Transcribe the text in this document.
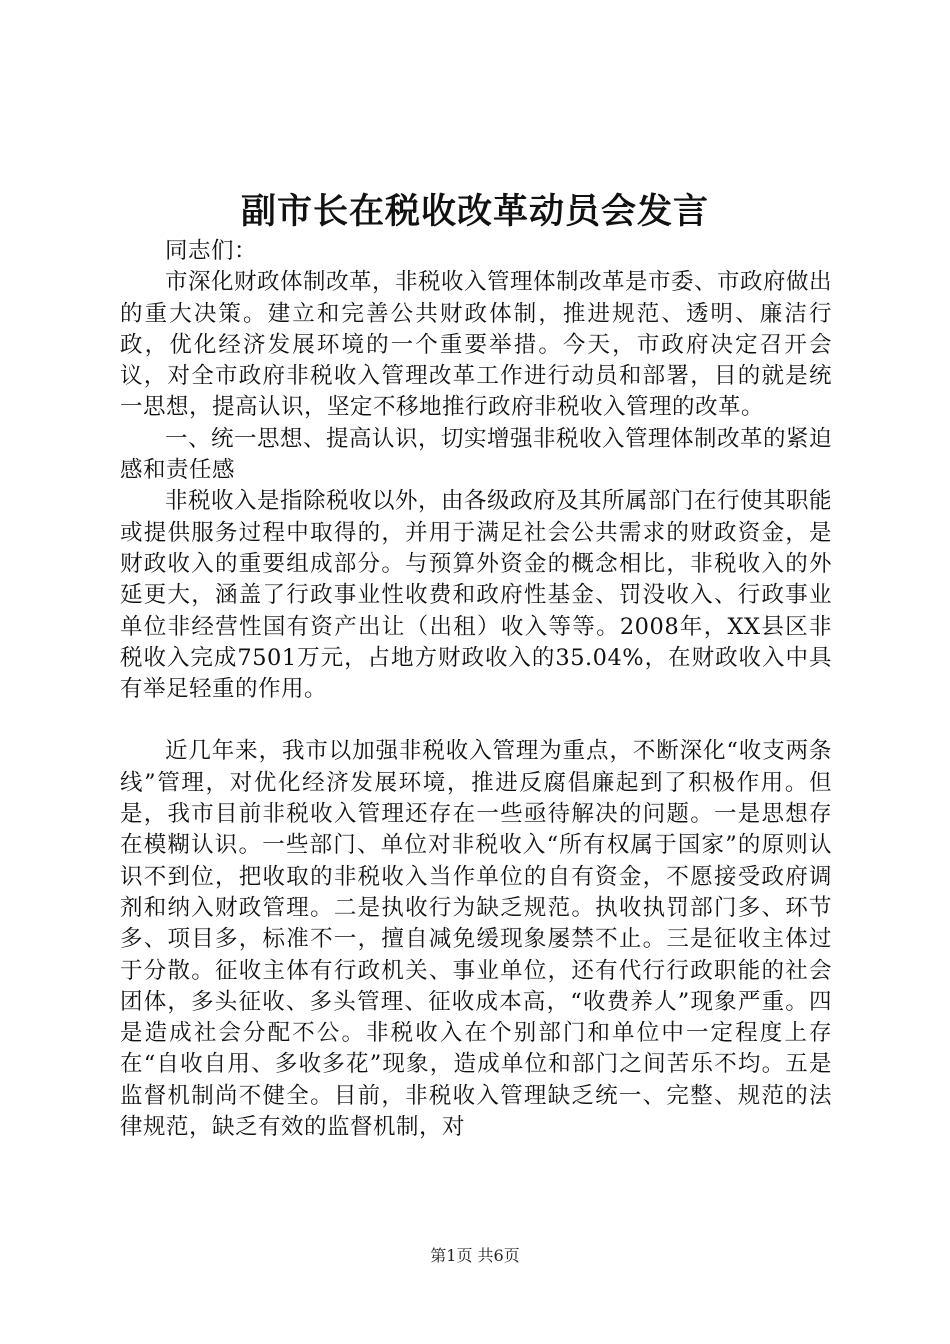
副市长在税收改革动员会发言

同志们：

市深化财政体制改革，非税收入管理体制改革是市委、市政府做出的重大决策。建立和完善公共财政体制，推进规范、透明、廉洁行政，优化经济发展环境的一个重要举措。今天，市政府决定召开会议，对全市政府非税收入管理改革工作进行动员和部署，目的就是统一思想，提高认识，坚定不移地推行政府非税收入管理的改革。

一、统一思想、提高认识，切实增强非税收入管理体制改革的紧迫感和责任感

非税收入是指除税收以外，由各级政府及其所属部门在行使其职能或提供服务过程中取得的，并用于满足社会公共需求的财政资金，是财政收入的重要组成部分。与预算外资金的概念相比，非税收入的外延更大，涵盖了行政事业性收费和政府性基金、罚没收入、行政事业单位非经营性国有资产出让（出租）收入等等。2008年，XX县区非税收入完成7501万元，占地方财政收入的35.04%，在财政收入中具有举足轻重的作用。

近几年来，我市以加强非税收入管理为重点，不断深化“收支两条线”管理，对优化经济发展环境，推进反腐倡廉起到了积极作用。但是，我市目前非税收入管理还存在一些亟待解决的问题。一是思想存在模糊认识。一些部门、单位对非税收入“所有权属于国家”的原则认识不到位，把收取的非税收入当作单位的自有资金，不愿接受政府调剂和纳入财政管理。二是执收行为缺乏规范。执收执罚部门多、环节多、项目多，标准不一，擅自减免缓现象屡禁不止。三是征收主体过于分散。征收主体有行政机关、事业单位，还有代行行政职能的社会团体，多头征收、多头管理、征收成本高，“收费养人”现象严重。四是造成社会分配不公。非税收入在个别部门和单位中一定程度上存在“自收自用、多收多花”现象，造成单位和部门之间苦乐不均。五是监督机制尚不健全。目前，非税收入管理缺乏统一、完整、规范的法律规范，缺乏有效的监督机制，对

第1页 共6页
